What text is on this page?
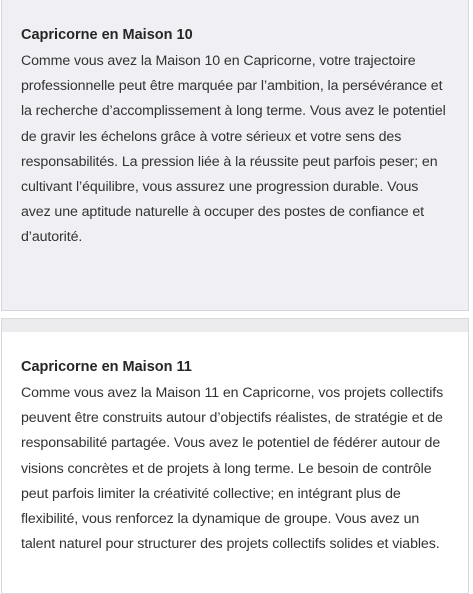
Capricorne en Maison 10

Comme vous avez la Maison 10 en Capricorne, votre trajectoire professionnelle peut être marquée par l’ambition, la persévérance et la recherche d’accomplissement à long terme. Vous avez le potentiel de gravir les échelons grâce à votre sérieux et votre sens des responsabilités. La pression liée à la réussite peut parfois peser; en cultivant l’équilibre, vous assurez une progression durable. Vous avez une aptitude naturelle à occuper des postes de confiance et d’autorité.

Capricorne en Maison 11

Comme vous avez la Maison 11 en Capricorne, vos projets collectifs peuvent être construits autour d’objectifs réalistes, de stratégie et de responsabilité partagée. Vous avez le potentiel de fédérer autour de visions concrètes et de projets à long terme. Le besoin de contrôle peut parfois limiter la créativité collective; en intégrant plus de flexibilité, vous renforcez la dynamique de groupe. Vous avez un talent naturel pour structurer des projets collectifs solides et viables.
